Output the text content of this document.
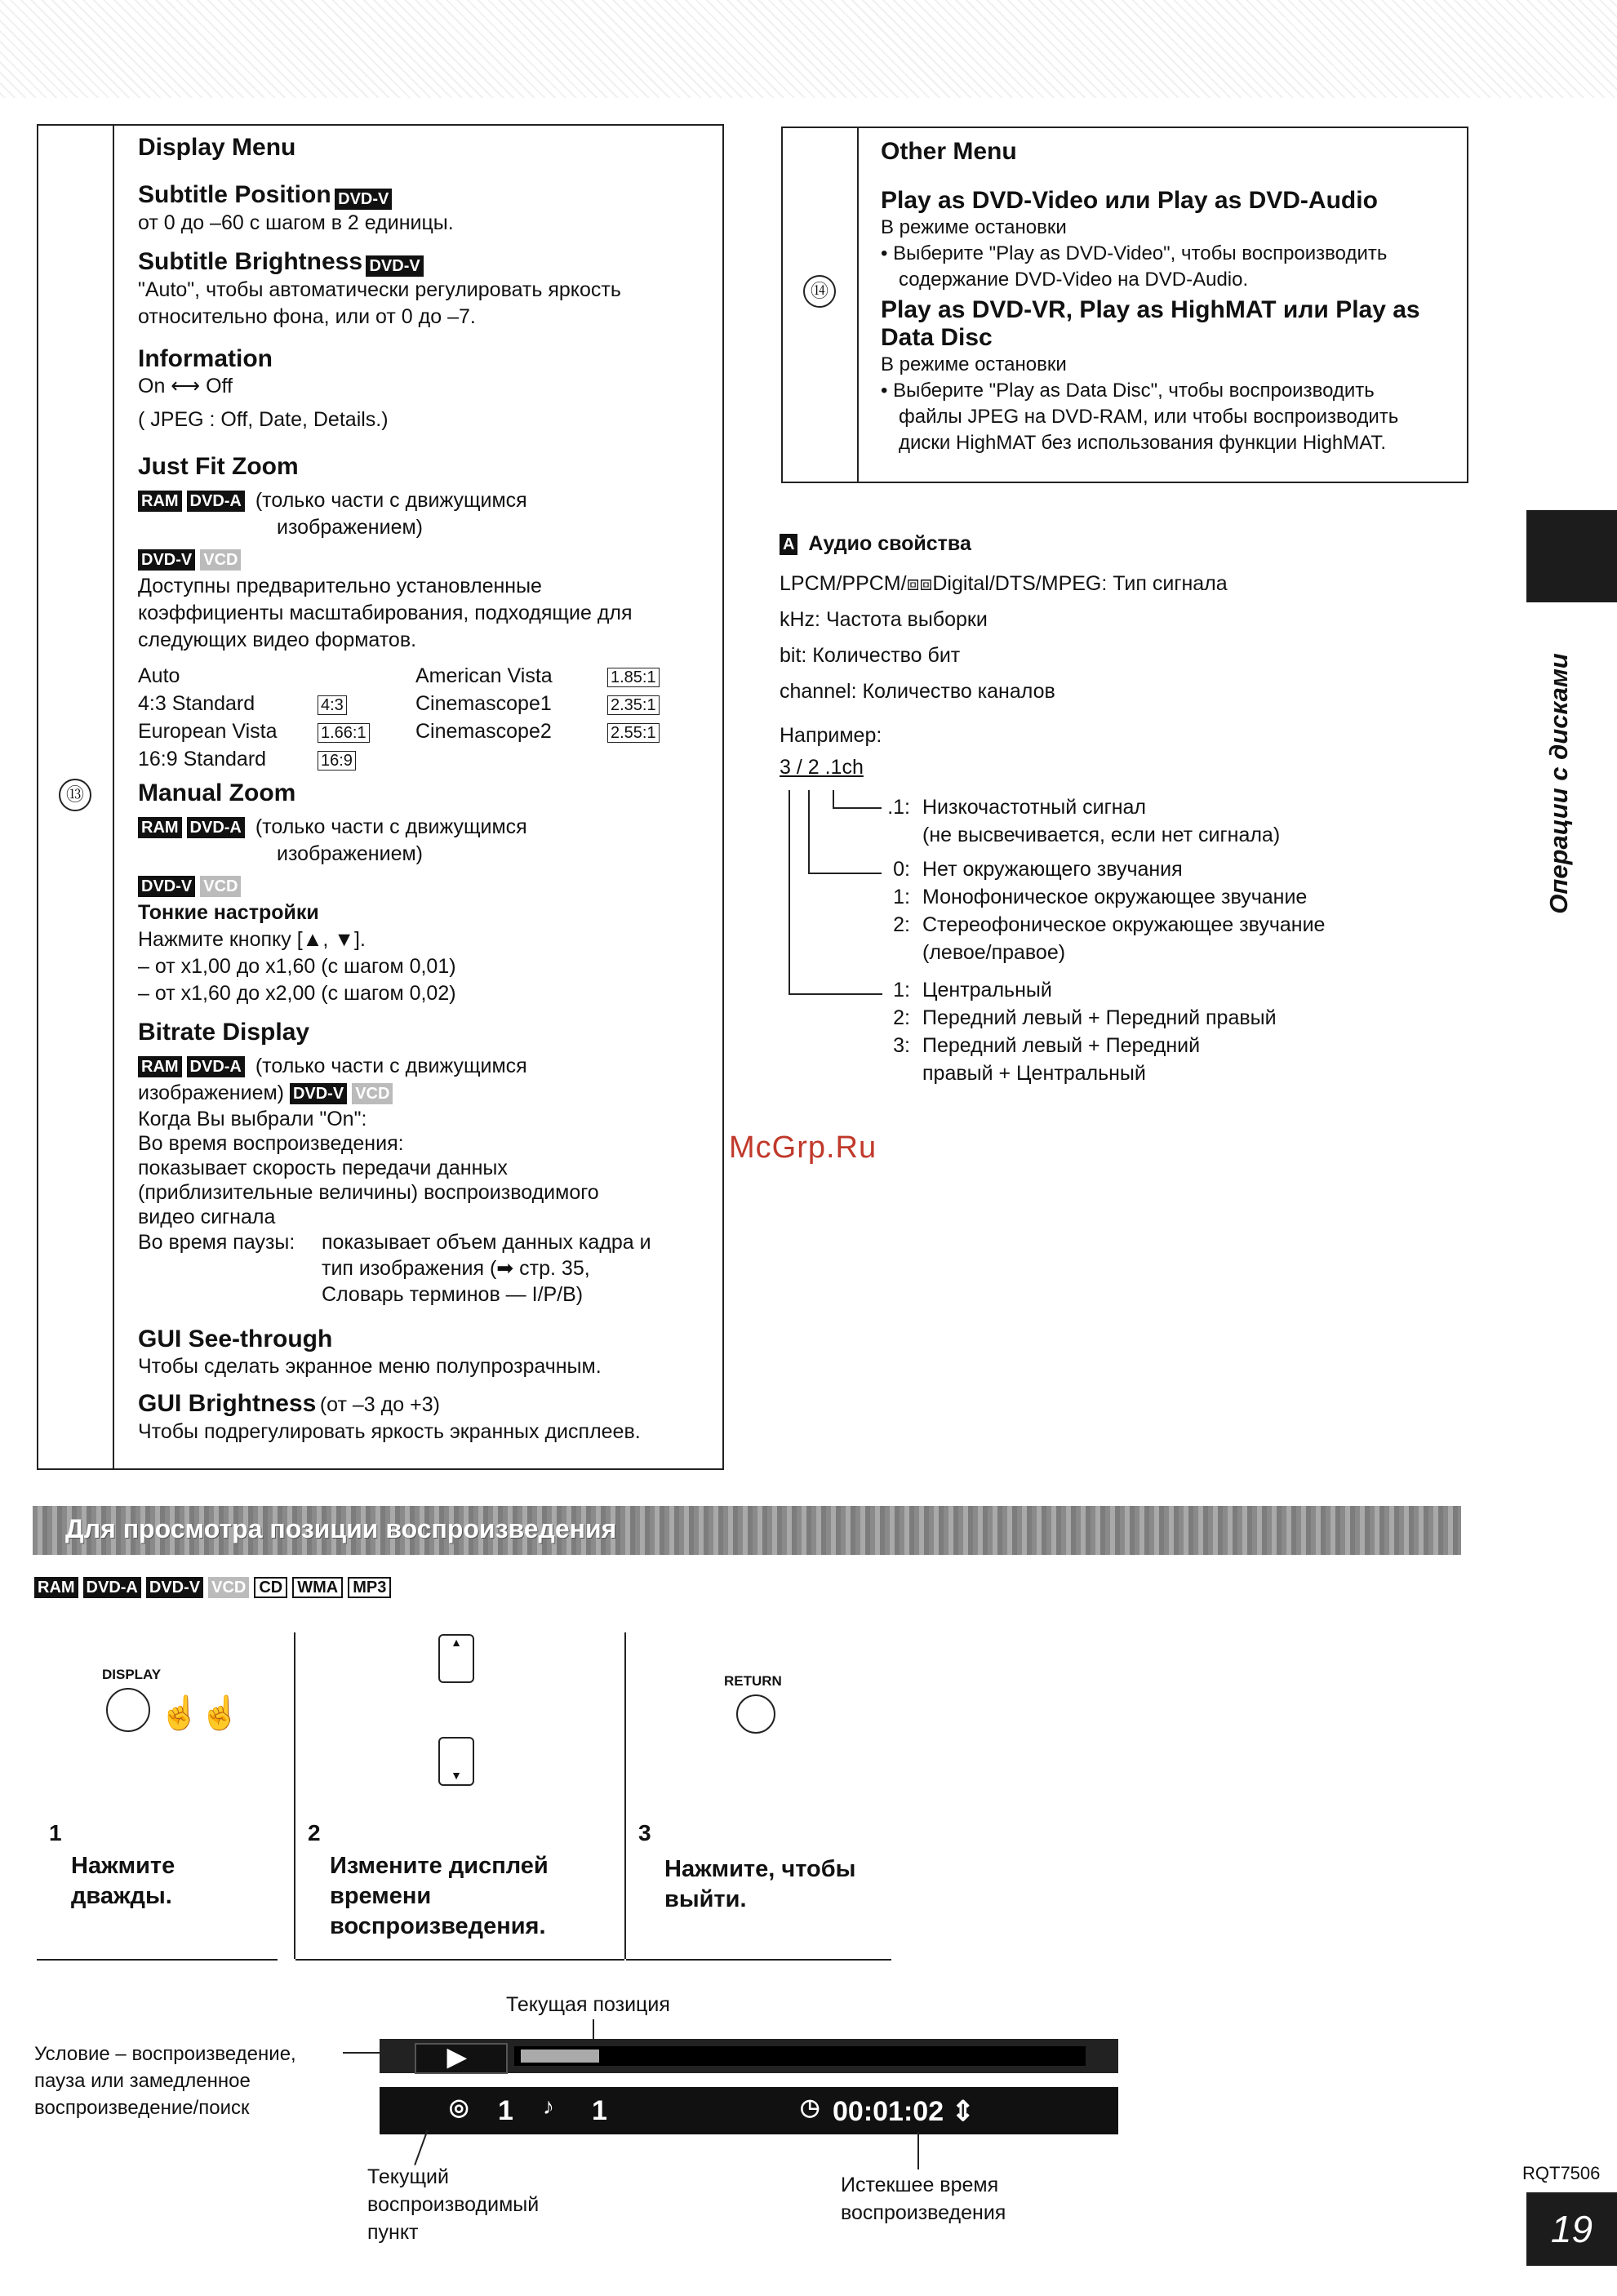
⑬

Display Menu

Subtitle Position DVD-V

от 0 до –60 с шагом в 2 единицы.

Subtitle Brightness DVD-V

"Auto", чтобы автоматически регулировать яркость

относительно фона, или от 0 до –7.

Information

On ⟷ Off

( JPEG : Off, Date, Details.)

Just Fit Zoom

RAM DVD-A (только части с движущимся

изображением)

DVD-V VCD

Доступны предварительно установленные

коэффициенты масштабирования, подходящие для

следующих видео форматов.

Auto
4:3 Standard
European Vista
16:9 Standard
4:3
1.66:1
16:9
American Vista
Cinemascope1
Cinemascope2
1.85:1
2.35:1
2.55:1

Manual Zoom

RAM DVD-A (только части с движущимся

изображением)

DVD-V VCD

Тонкие настройки

Нажмите кнопку [▲, ▼].

– от x1,00 до x1,60 (с шагом 0,01)

– от x1,60 до x2,00 (с шагом 0,02)

Bitrate Display

RAM DVD-A (только части с движущимся

изображением) DVD-V VCD

Когда Вы выбрали "On":

Во время воспроизведения:

показывает скорость передачи данных

(приблизительные величины) воспроизводимого

видео сигнала

Во время паузы: показывает объем данных кадра и

тип изображения (➡ стр. 35,

Словарь терминов — I/P/B)

GUI See-through

Чтобы сделать экранное меню полупрозрачным.

GUI Brightness (от –3 до +3)

Чтобы подрегулировать яркость экранных дисплеев.

⑭

Other Menu

Play as DVD-Video или Play as DVD-Audio

В режиме остановки

• Выберите "Play as DVD-Video", чтобы воспроизводить

содержание DVD-Video на DVD-Audio.

Play as DVD-VR, Play as HighMAT или Play as

Data Disc

В режиме остановки

• Выберите "Play as Data Disc", чтобы воспроизводить

файлы JPEG на DVD-RAM, или чтобы воспроизводить

диски HighMAT без использования функции HighMAT.

A Аудио свойства

LPCM/PPCM/⧈⧈Digital/DTS/MPEG: Тип сигнала

kHz: Частота выборки

bit: Количество бит

channel: Количество каналов

Например:

3 / 2 .1ch

.1: Низкочастотный сигнал
(не высвечивается, если нет сигнала)
0: Нет окружающего звучания
1: Монофоническое окружающее звучание
2: Стереофоническое окружающее звучание
(левое/правое)
1: Центральный
2: Передний левый + Передний правый
3: Передний левый + Передний
правый + Центральный
McGrp.Ru
Операции с дисками
Для просмотра позиции воспроизведения
RAM DVD-A DVD-V VCD CD WMA MP3
DISPLAY
☝☝
1
Нажмите
дважды.
▲
▼
2
Измените дисплей
времени
воспроизведения.
RETURN
3
Нажмите, чтобы
выйти.
Текущая позиция
Условие – воспроизведение,
пауза или замедленное
воспроизведение/поиск
▶
◎ 1 ♪ 1	◷ 00:01:02 ⇕
Текущий
воспроизводимый
пункт
Истекшее время
воспроизведения
RQT7506
19
